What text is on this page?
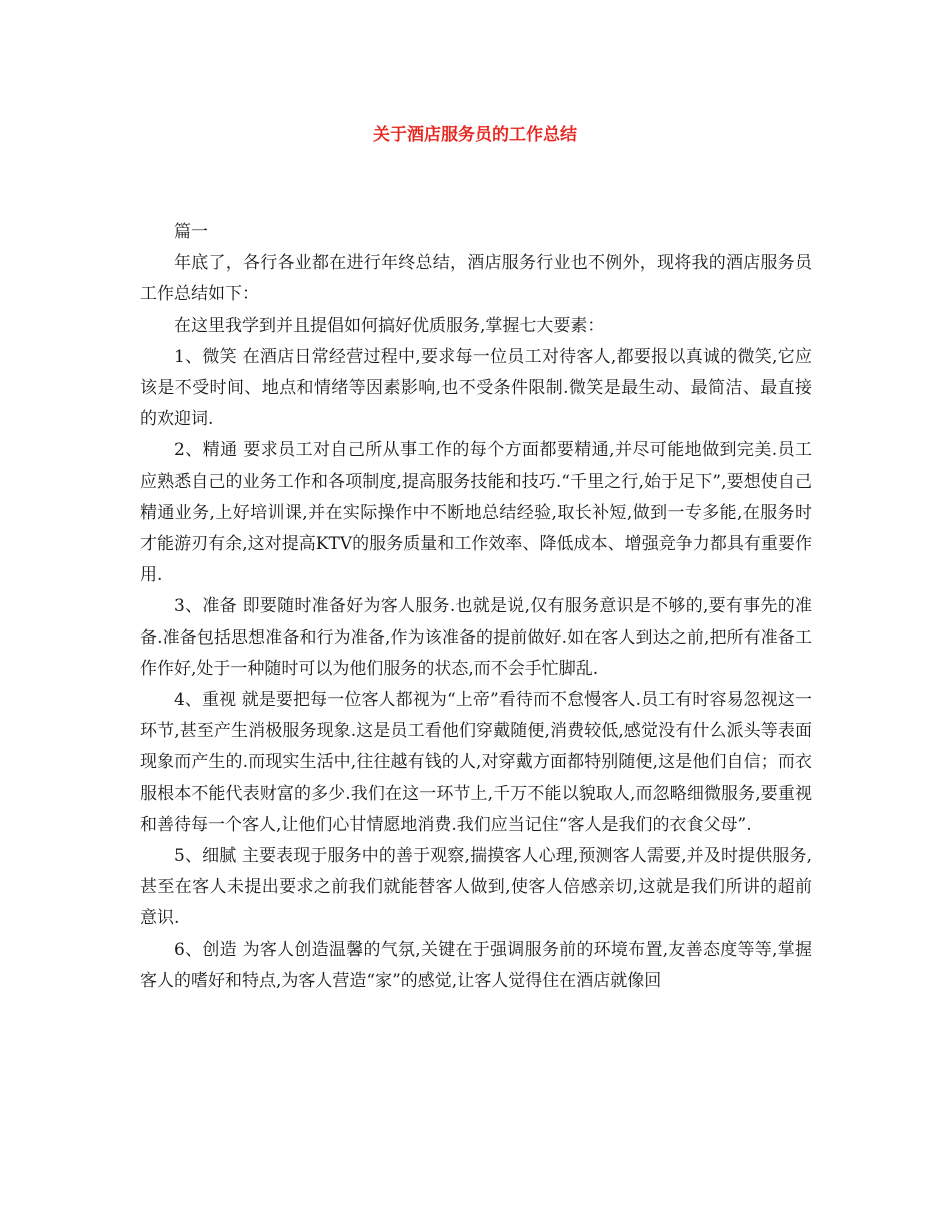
关于酒店服务员的工作总结

篇一

年底了，各行各业都在进行年终总结，酒店服务行业也不例外，现将我的酒店服务员工作总结如下：

在这里我学到并且提倡如何搞好优质服务,掌握七大要素：

1、微笑 在酒店日常经营过程中,要求每一位员工对待客人,都要报以真诚的微笑,它应该是不受时间、地点和情绪等因素影响,也不受条件限制.微笑是最生动、最简洁、最直接的欢迎词.

2、精通 要求员工对自己所从事工作的每个方面都要精通,并尽可能地做到完美.员工应熟悉自己的业务工作和各项制度,提高服务技能和技巧.“千里之行,始于足下”,要想使自己精通业务,上好培训课,并在实际操作中不断地总结经验,取长补短,做到一专多能,在服务时才能游刃有余,这对提高KTV的服务质量和工作效率、降低成本、增强竞争力都具有重要作用.

3、准备 即要随时准备好为客人服务.也就是说,仅有服务意识是不够的,要有事先的准备.准备包括思想准备和行为准备,作为该准备的提前做好.如在客人到达之前,把所有准备工作作好,处于一种随时可以为他们服务的状态,而不会手忙脚乱.

4、重视 就是要把每一位客人都视为“上帝”看待而不怠慢客人.员工有时容易忽视这一环节,甚至产生消极服务现象.这是员工看他们穿戴随便,消费较低,感觉没有什么派头等表面现象而产生的.而现实生活中,往往越有钱的人,对穿戴方面都特别随便,这是他们自信；而衣服根本不能代表财富的多少.我们在这一环节上,千万不能以貌取人,而忽略细微服务,要重视和善待每一个客人,让他们心甘情愿地消费.我们应当记住“客人是我们的衣食父母”.

5、细腻 主要表现于服务中的善于观察,揣摸客人心理,预测客人需要,并及时提供服务,甚至在客人未提出要求之前我们就能替客人做到,使客人倍感亲切,这就是我们所讲的超前意识.

6、创造 为客人创造温馨的气氛,关键在于强调服务前的环境布置,友善态度等等,掌握客人的嗜好和特点,为客人营造“家”的感觉,让客人觉得住在酒店就像回
